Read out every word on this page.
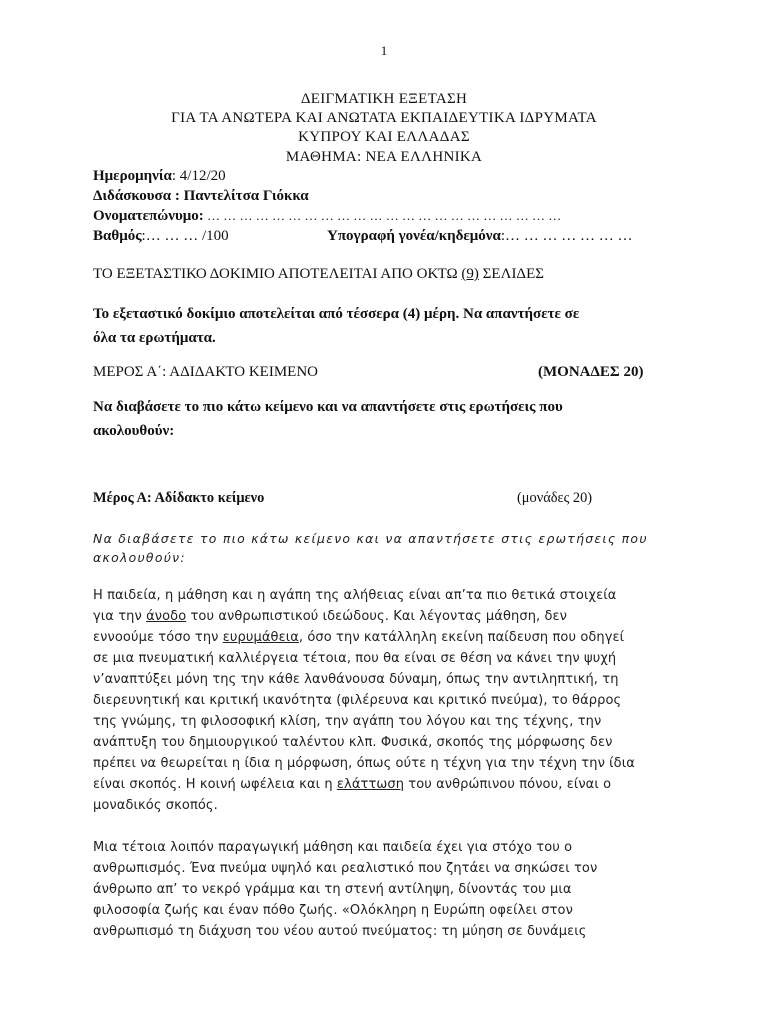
1
ΔΕΙΓΜΑΤΙΚΗ ΕΞΕΤΑΣΗ
ΓΙΑ ΤΑ ΑΝΩΤΕΡΑ ΚΑΙ ΑΝΩΤΑΤΑ ΕΚΠΑΙΔΕΥΤΙΚΑ ΙΔΡΥΜΑΤΑ
ΚΥΠΡΟΥ ΚΑΙ ΕΛΛΑΔΑΣ
ΜΑΘΗΜΑ: ΝΕΑ ΕΛΛΗΝΙΚΑ
Ημερομηνία: 4/12/20
Διδάσκουσα : Παντελίτσα Γιόκκα
Ονοματεπώνυμο: … … … … … … … … … … … … … … … … … … … … … …
Βαθμός:… … … /100	Υπογραφή γονέα/κηδεμόνα:… … … … … … …
ΤΟ ΕΞΕΤΑΣΤΙΚΟ ΔΟΚΙΜΙΟ ΑΠΟΤΕΛΕΙΤΑΙ ΑΠΟ ΟΚΤΩ (9) ΣΕΛΙΔΕΣ
Το εξεταστικό δοκίμιο αποτελείται από τέσσερα (4) μέρη. Να απαντήσετε σε
όλα τα ερωτήματα.
ΜΕΡΟΣ Α΄: ΑΔΙΔΑΚΤΟ ΚΕΙΜΕΝΟ	(ΜΟΝΑΔΕΣ 20)
Να διαβάσετε το πιο κάτω κείμενο και να απαντήσετε στις ερωτήσεις που
ακολουθούν:
Μέρος Α: Αδίδακτο κείμενο	(μονάδες 20)
Να διαβάσετε το πιο κάτω κείμενο και να απαντήσετε στις ερωτήσεις που
ακολουθούν:
Η παιδεία, η μάθηση και η αγάπη της αλήθειας είναι απ’τα πιο θετικά στοιχεία
για την άνοδο του ανθρωπιστικού ιδεώδους. Και λέγοντας μάθηση, δεν
εννοούμε τόσο την ευρυμάθεια, όσο την κατάλληλη εκείνη παίδευση που οδηγεί
σε μια πνευματική καλλιέργεια τέτοια, που θα είναι σε θέση να κάνει την ψυχή
ν’αναπτύξει μόνη της την κάθε λανθάνουσα δύναμη, όπως την αντιληπτική, τη
διερευνητική και κριτική ικανότητα (φιλέρευνα και κριτικό πνεύμα), το θάρρος
της γνώμης, τη φιλοσοφική κλίση, την αγάπη του λόγου και της τέχνης, την
ανάπτυξη του δημιουργικού ταλέντου κλπ. Φυσικά, σκοπός της μόρφωσης δεν
πρέπει να θεωρείται η ίδια η μόρφωση, όπως ούτε η τέχνη για την τέχνη την ίδια
είναι σκοπός. Η κοινή ωφέλεια και η ελάττωση του ανθρώπινου πόνου, είναι ο
μοναδικός σκοπός.
Μια τέτοια λοιπόν παραγωγική μάθηση και παιδεία έχει για στόχο του ο
ανθρωπισμός. Ένα πνεύμα υψηλό και ρεαλιστικό που ζητάει να σηκώσει τον
άνθρωπο απ’ το νεκρό γράμμα και τη στενή αντίληψη, δίνοντάς του μια
φιλοσοφία ζωής και έναν πόθο ζωής. «Ολόκληρη η Ευρώπη οφείλει στον
ανθρωπισμό τη διάχυση του νέου αυτού πνεύματος: τη μύηση σε δυνάμεις
